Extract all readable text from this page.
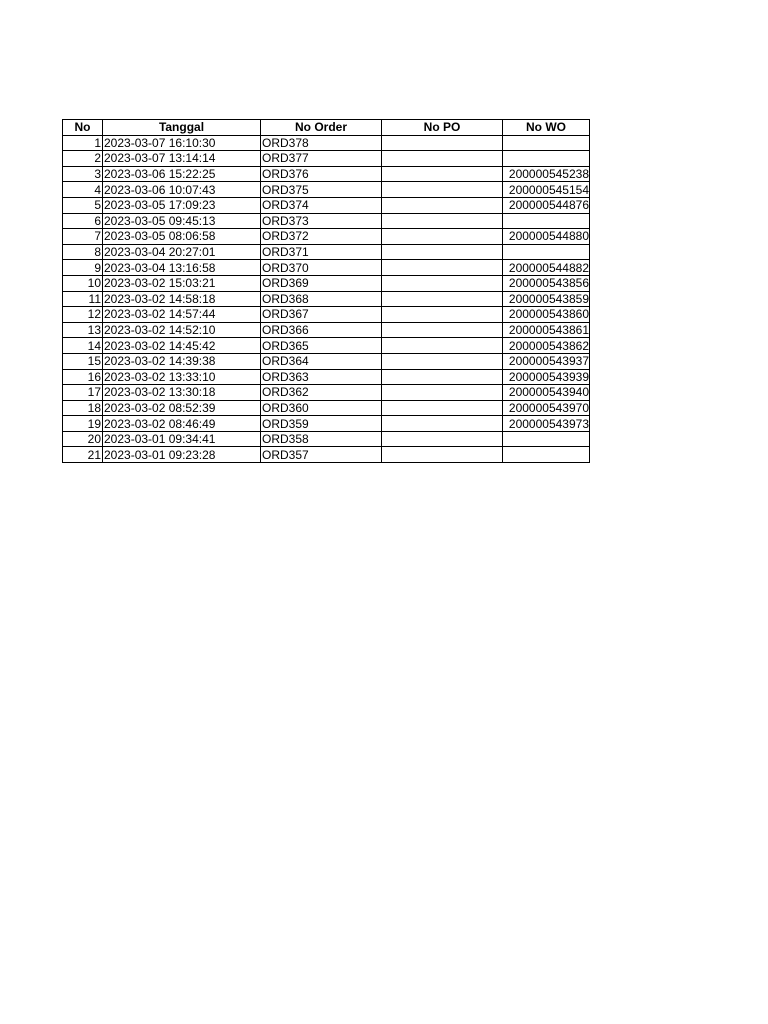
No	Tanggal	No Order	No PO	No WO
1	2023-03-07 16:10:30	ORD378		
2	2023-03-07 13:14:14	ORD377		
3	2023-03-06 15:22:25	ORD376		200000545238
4	2023-03-06 10:07:43	ORD375		200000545154
5	2023-03-05 17:09:23	ORD374		200000544876
6	2023-03-05 09:45:13	ORD373		
7	2023-03-05 08:06:58	ORD372		200000544880
8	2023-03-04 20:27:01	ORD371		
9	2023-03-04 13:16:58	ORD370		200000544882
10	2023-03-02 15:03:21	ORD369		200000543856
11	2023-03-02 14:58:18	ORD368		200000543859
12	2023-03-02 14:57:44	ORD367		200000543860
13	2023-03-02 14:52:10	ORD366		200000543861
14	2023-03-02 14:45:42	ORD365		200000543862
15	2023-03-02 14:39:38	ORD364		200000543937
16	2023-03-02 13:33:10	ORD363		200000543939
17	2023-03-02 13:30:18	ORD362		200000543940
18	2023-03-02 08:52:39	ORD360		200000543970
19	2023-03-02 08:46:49	ORD359		200000543973
20	2023-03-01 09:34:41	ORD358		
21	2023-03-01 09:23:28	ORD357		
